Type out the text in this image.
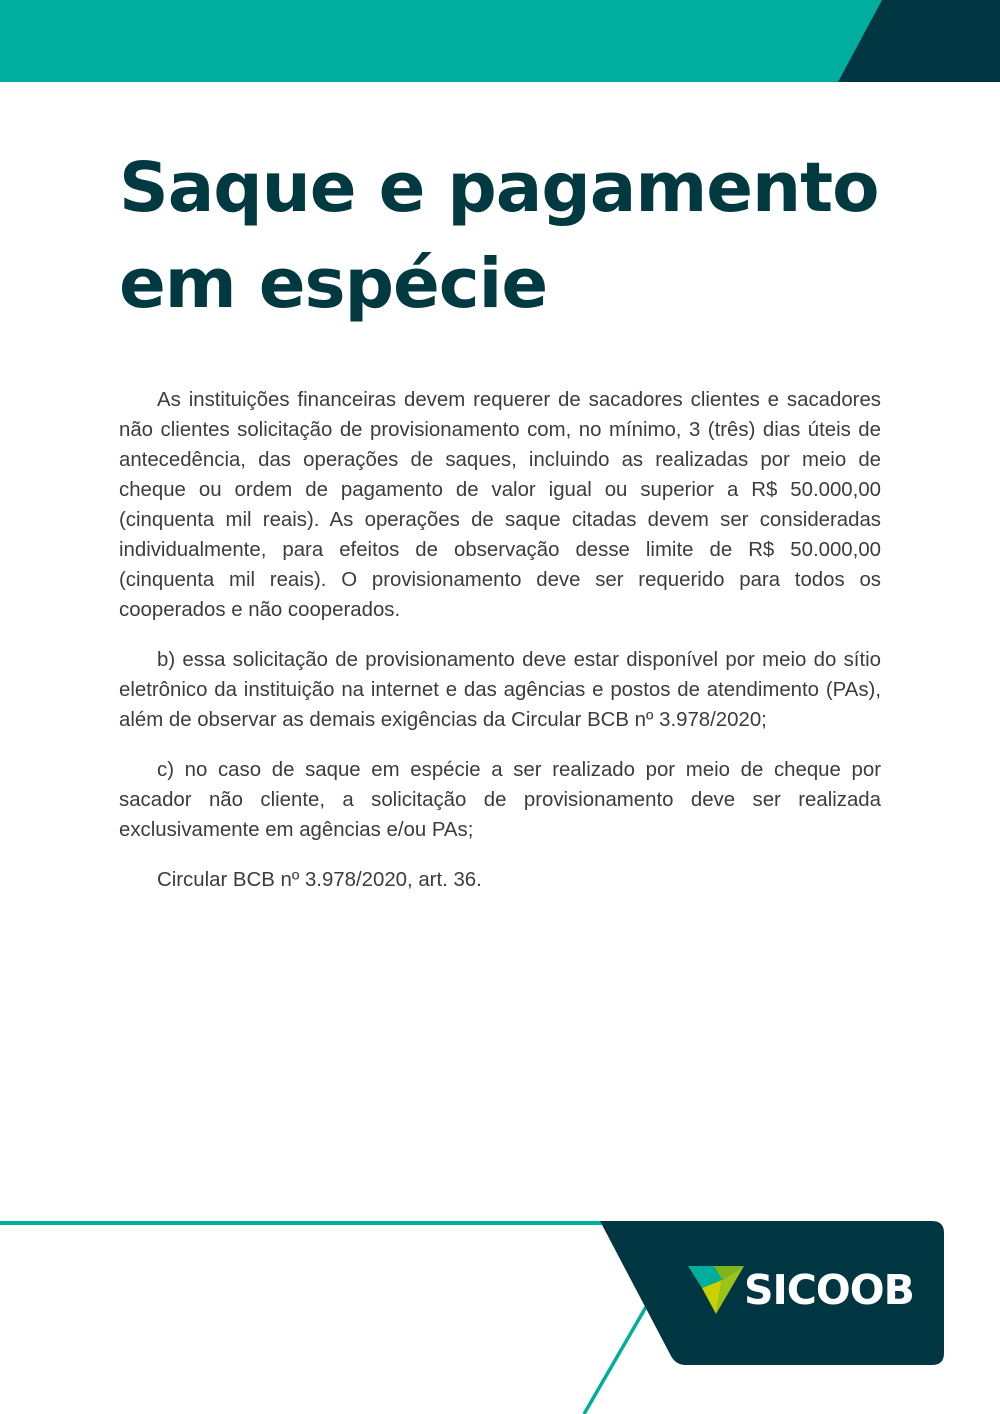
Saque e pagamento
em espécie

As instituições financeiras devem requerer de sacadores clientes e sacadores não clientes solicitação de provisionamento com, no mínimo, 3 (três) dias úteis de antecedência, das operações de saques, incluindo as realizadas por meio de cheque ou ordem de pagamento de valor igual ou superior a R$ 50.000,00 (cinquenta mil reais). As operações de saque citadas devem ser consideradas individualmente, para efeitos de observação desse limite de R$ 50.000,00 (cinquenta mil reais). O provisionamento deve ser requerido para todos os cooperados e não cooperados.

b) essa solicitação de provisionamento deve estar disponível por meio do sítio eletrônico da instituição na internet e das agências e postos de atendimento (PAs), além de observar as demais exigências da Circular BCB nº 3.978/2020;

c) no caso de saque em espécie a ser realizado por meio de cheque por sacador não cliente, a solicitação de provisionamento deve ser realizada exclusivamente em agências e/ou PAs;

Circular BCB nº 3.978/2020, art. 36.

SICOOB
